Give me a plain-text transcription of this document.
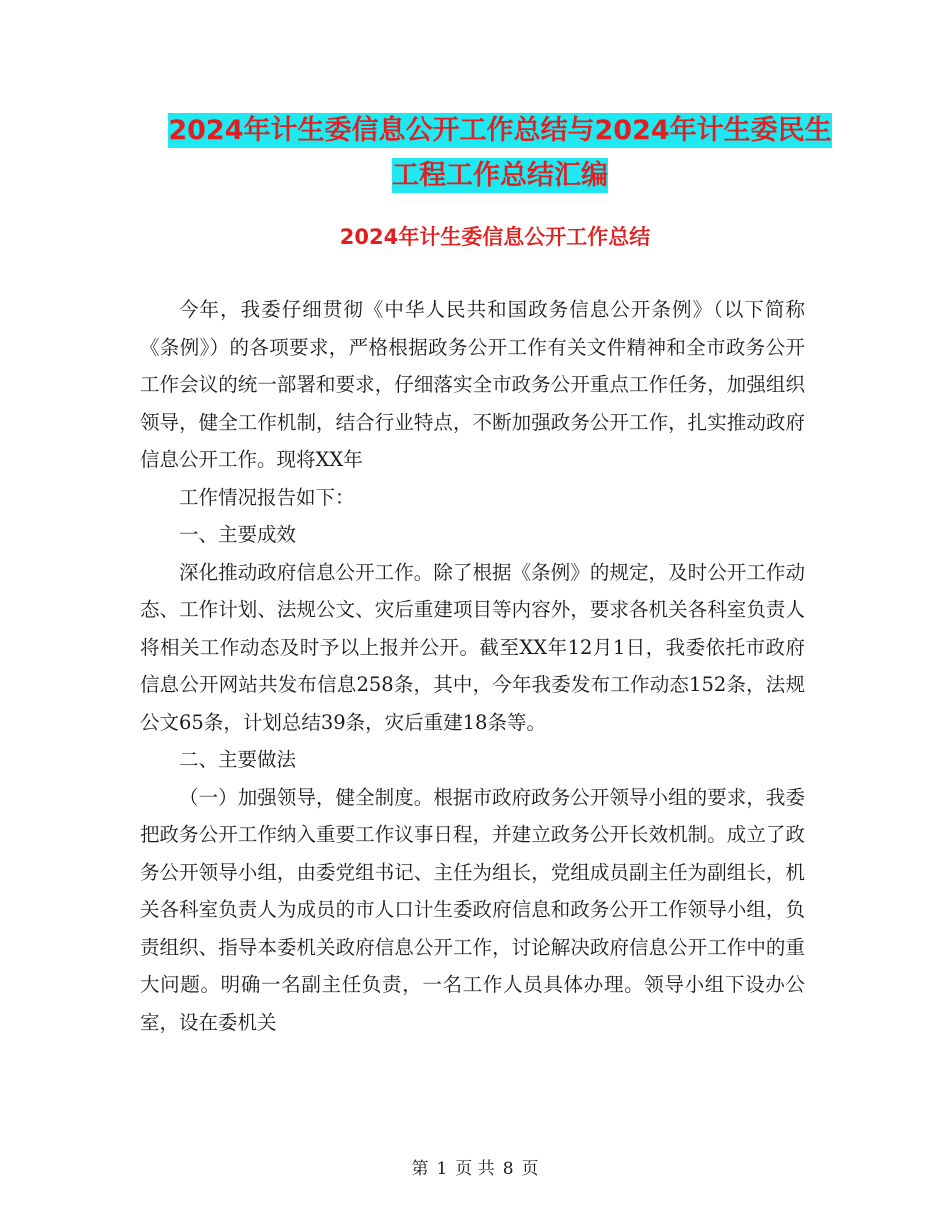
2024年计生委信息公开工作总结与2024年计生委民生
工程工作总结汇编
2024年计生委信息公开工作总结

今年，我委仔细贯彻《中华人民共和国政务信息公开条例》（以下简称《条例》）的各项要求，严格根据政务公开工作有关文件精神和全市政务公开工作会议的统一部署和要求，仔细落实全市政务公开重点工作任务，加强组织领导，健全工作机制，结合行业特点，不断加强政务公开工作，扎实推动政府信息公开工作。现将XX年

工作情况报告如下：

一、主要成效

深化推动政府信息公开工作。除了根据《条例》的规定，及时公开工作动态、工作计划、法规公文、灾后重建项目等内容外，要求各机关各科室负责人将相关工作动态及时予以上报并公开。截至XX年12月1日，我委依托市政府信息公开网站共发布信息258条，其中，今年我委发布工作动态152条，法规公文65条，计划总结39条，灾后重建18条等。

二、主要做法

（一）加强领导，健全制度。根据市政府政务公开领导小组的要求，我委把政务公开工作纳入重要工作议事日程，并建立政务公开长效机制。成立了政务公开领导小组，由委党组书记、主任为组长，党组成员副主任为副组长，机关各科室负责人为成员的市人口计生委政府信息和政务公开工作领导小组，负责组织、指导本委机关政府信息公开工作，讨论解决政府信息公开工作中的重大问题。明确一名副主任负责，一名工作人员具体办理。领导小组下设办公室，设在委机关

第 1 页 共 8 页
